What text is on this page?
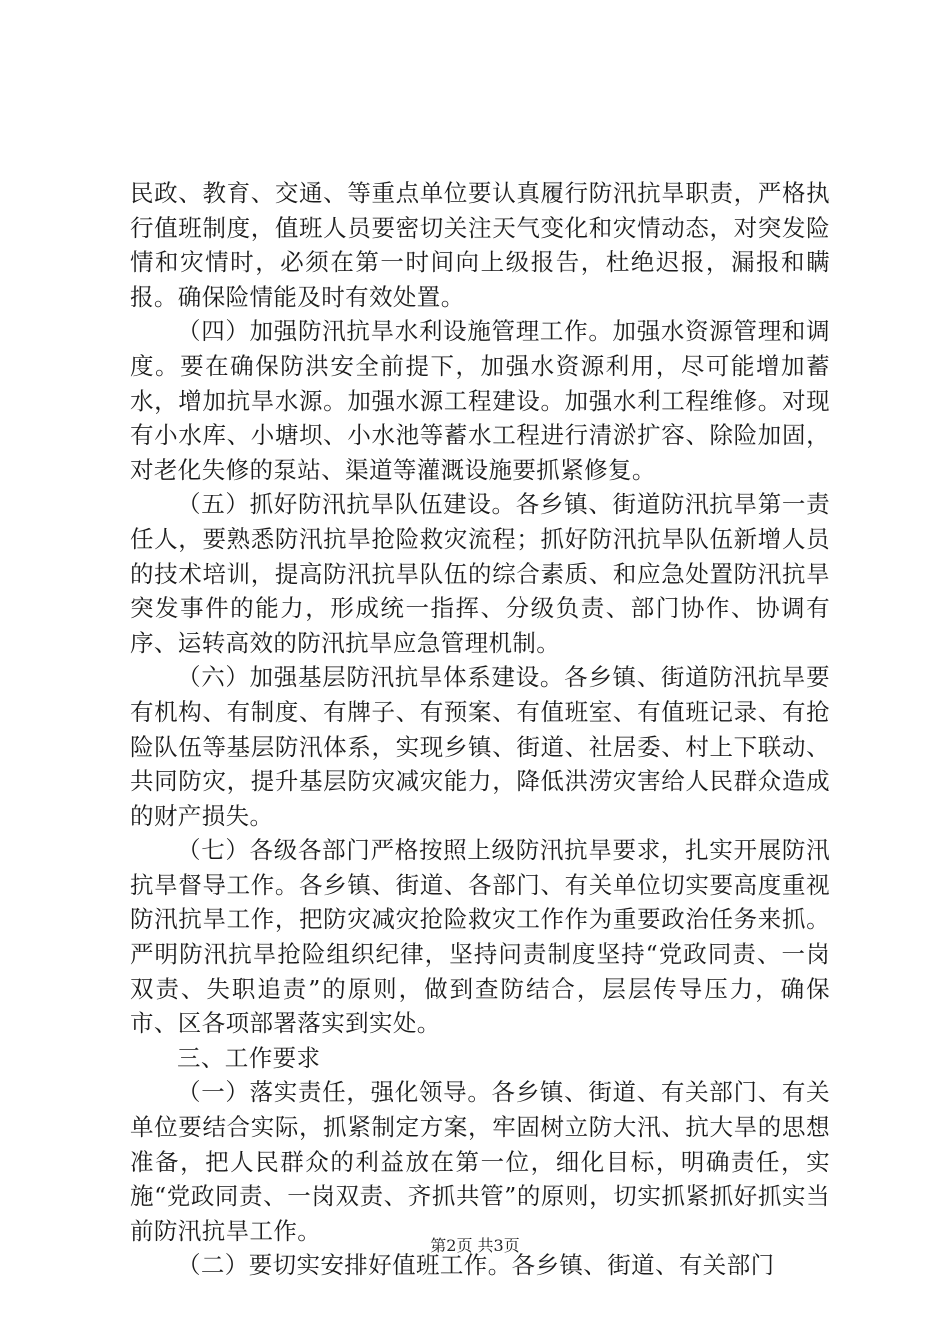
民政、教育、交通、等重点单位要认真履行防汛抗旱职责，严格执行值班制度，值班人员要密切关注天气变化和灾情动态，对突发险情和灾情时，必须在第一时间向上级报告，杜绝迟报，漏报和瞒报。确保险情能及时有效处置。

（四）加强防汛抗旱水利设施管理工作。加强水资源管理和调度。要在确保防洪安全前提下，加强水资源利用，尽可能增加蓄水，增加抗旱水源。加强水源工程建设。加强水利工程维修。对现有小水库、小塘坝、小水池等蓄水工程进行清淤扩容、除险加固，对老化失修的泵站、渠道等灌溉设施要抓紧修复。

（五）抓好防汛抗旱队伍建设。各乡镇、街道防汛抗旱第一责任人，要熟悉防汛抗旱抢险救灾流程；抓好防汛抗旱队伍新增人员的技术培训，提高防汛抗旱队伍的综合素质、和应急处置防汛抗旱突发事件的能力，形成统一指挥、分级负责、部门协作、协调有序、运转高效的防汛抗旱应急管理机制。

（六）加强基层防汛抗旱体系建设。各乡镇、街道防汛抗旱要有机构、有制度、有牌子、有预案、有值班室、有值班记录、有抢险队伍等基层防汛体系，实现乡镇、街道、社居委、村上下联动、共同防灾，提升基层防灾减灾能力，降低洪涝灾害给人民群众造成的财产损失。

（七）各级各部门严格按照上级防汛抗旱要求，扎实开展防汛抗旱督导工作。各乡镇、街道、各部门、有关单位切实要高度重视防汛抗旱工作，把防灾减灾抢险救灾工作作为重要政治任务来抓。严明防汛抗旱抢险组织纪律，坚持问责制度坚持“党政同责、一岗双责、失职追责”的原则，做到查防结合，层层传导压力，确保市、区各项部署落实到实处。

三、工作要求

（一）落实责任，强化领导。各乡镇、街道、有关部门、有关单位要结合实际，抓紧制定方案，牢固树立防大汛、抗大旱的思想准备，把人民群众的利益放在第一位，细化目标，明确责任，实施“党政同责、一岗双责、齐抓共管”的原则，切实抓紧抓好抓实当前防汛抗旱工作。

（二）要切实安排好值班工作。各乡镇、街道、有关部门

第2页 共3页
